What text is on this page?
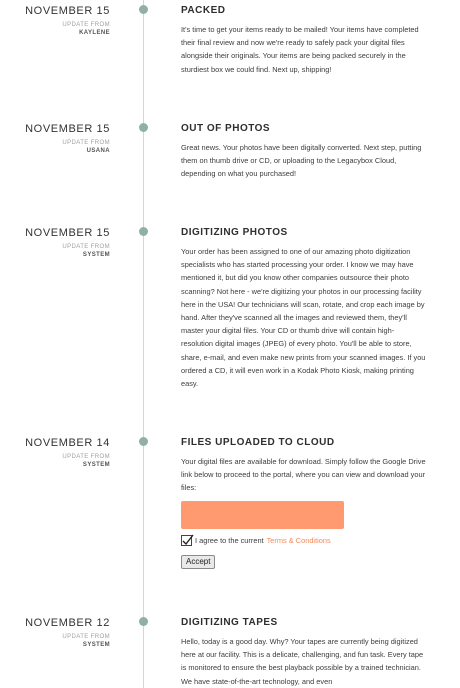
NOVEMBER 15
UPDATE FROM
KAYLENE
PACKED

It's time to get your items ready to be mailed! Your items have completed their final review and now we're ready to safely pack your digital files alongside their originals. Your items are being packed securely in the sturdiest box we could find. Next up, shipping!

NOVEMBER 15
UPDATE FROM
USANA
OUT OF PHOTOS

Great news. Your photos have been digitally converted. Next step, putting them on thumb drive or CD, or uploading to the Legacybox Cloud, depending on what you purchased!

NOVEMBER 15
UPDATE FROM
SYSTEM
DIGITIZING PHOTOS

Your order has been assigned to one of our amazing photo digitization specialists who has started processing your order. I know we may have mentioned it, but did you know other companies outsource their photo scanning? Not here - we're digitizing your photos in our processing facility here in the USA! Our technicians will scan, rotate, and crop each image by hand. After they've scanned all the images and reviewed them, they'll master your digital files. Your CD or thumb drive will contain high-resolution digital images (JPEG) of every photo. You'll be able to store, share, e-mail, and even make new prints from your scanned images. If you ordered a CD, it will even work in a Kodak Photo Kiosk, making printing easy.

NOVEMBER 14
UPDATE FROM
SYSTEM
FILES UPLOADED TO CLOUD

Your digital files are available for download. Simply follow the Google Drive link below to proceed to the portal, where you can view and download your files:

I agree to the current Terms & Conditions
Accept
NOVEMBER 12
UPDATE FROM
SYSTEM
DIGITIZING TAPES

Hello, today is a good day. Why? Your tapes are currently being digitized here at our facility. This is a delicate, challenging, and fun task. Every tape is monitored to ensure the best playback possible by a trained technician. We have state-of-the-art technology, and even
